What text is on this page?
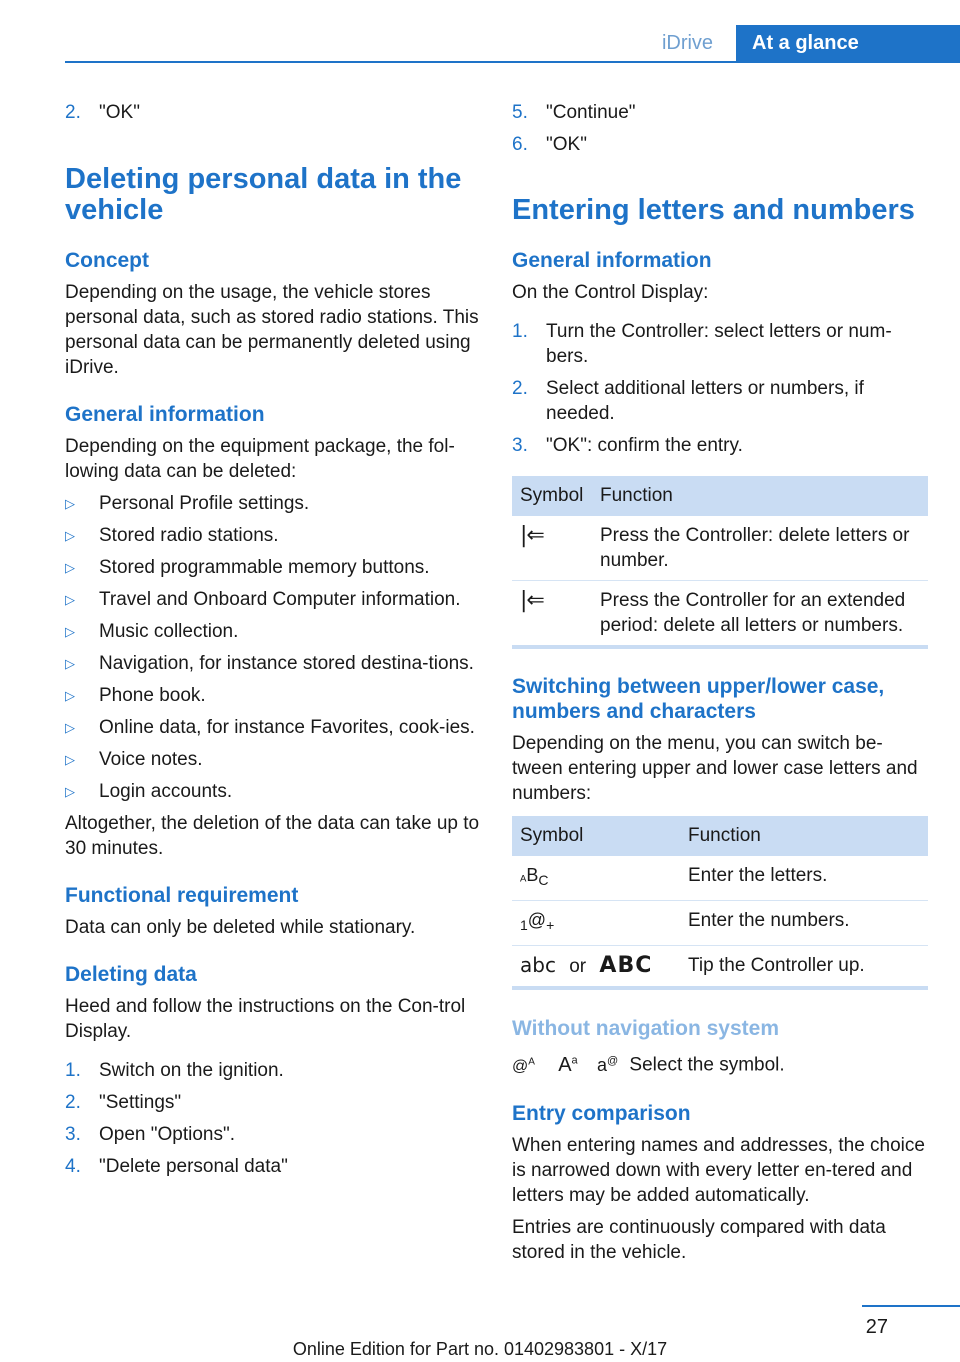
iDrive	At a glance
2. "OK"
Deleting personal data in the vehicle
Concept

Depending on the usage, the vehicle stores personal data, such as stored radio stations. This personal data can be permanently deleted using iDrive.

General information

Depending on the equipment package, the fol-lowing data can be deleted:

▷ Personal Profile settings.
▷ Stored radio stations.
▷ Stored programmable memory buttons.
▷ Travel and Onboard Computer information.
▷ Music collection.
▷ Navigation, for instance stored destina-tions.
▷ Phone book.
▷ Online data, for instance Favorites, cook-ies.
▷ Voice notes.
▷ Login accounts.

Altogether, the deletion of the data can take up to 30 minutes.

Functional requirement

Data can only be deleted while stationary.

Deleting data

Heed and follow the instructions on the Con-trol Display.

1. Switch on the ignition.
2. "Settings"
3. Open "Options".
4. "Delete personal data"
5. "Continue"
6. "OK"
Entering letters and numbers
General information

On the Control Display:

1. Turn the Controller: select letters or num-bers.
2. Select additional letters or numbers, if needed.
3. "OK": confirm the entry.
Symbol	Function
|⇐	Press the Controller: delete letters or number.
|⇐	Press the Controller for an extended period: delete all letters or numbers.
Switching between upper/lower case, numbers and characters

Depending on the menu, you can switch be-tween entering upper and lower case letters and numbers:

Symbol	Function
ᴬBC	Enter the letters.
1@+	Enter the numbers.
abc or ABC	Tip the Controller up.
Without navigation system

@$^A$ $A^a$ a@ Select the symbol.

Entry comparison

When entering names and addresses, the choice is narrowed down with every letter en-tered and letters may be added automatically.

Entries are continuously compared with data stored in the vehicle.

27
Online Edition for Part no. 01402983801 - X/17
